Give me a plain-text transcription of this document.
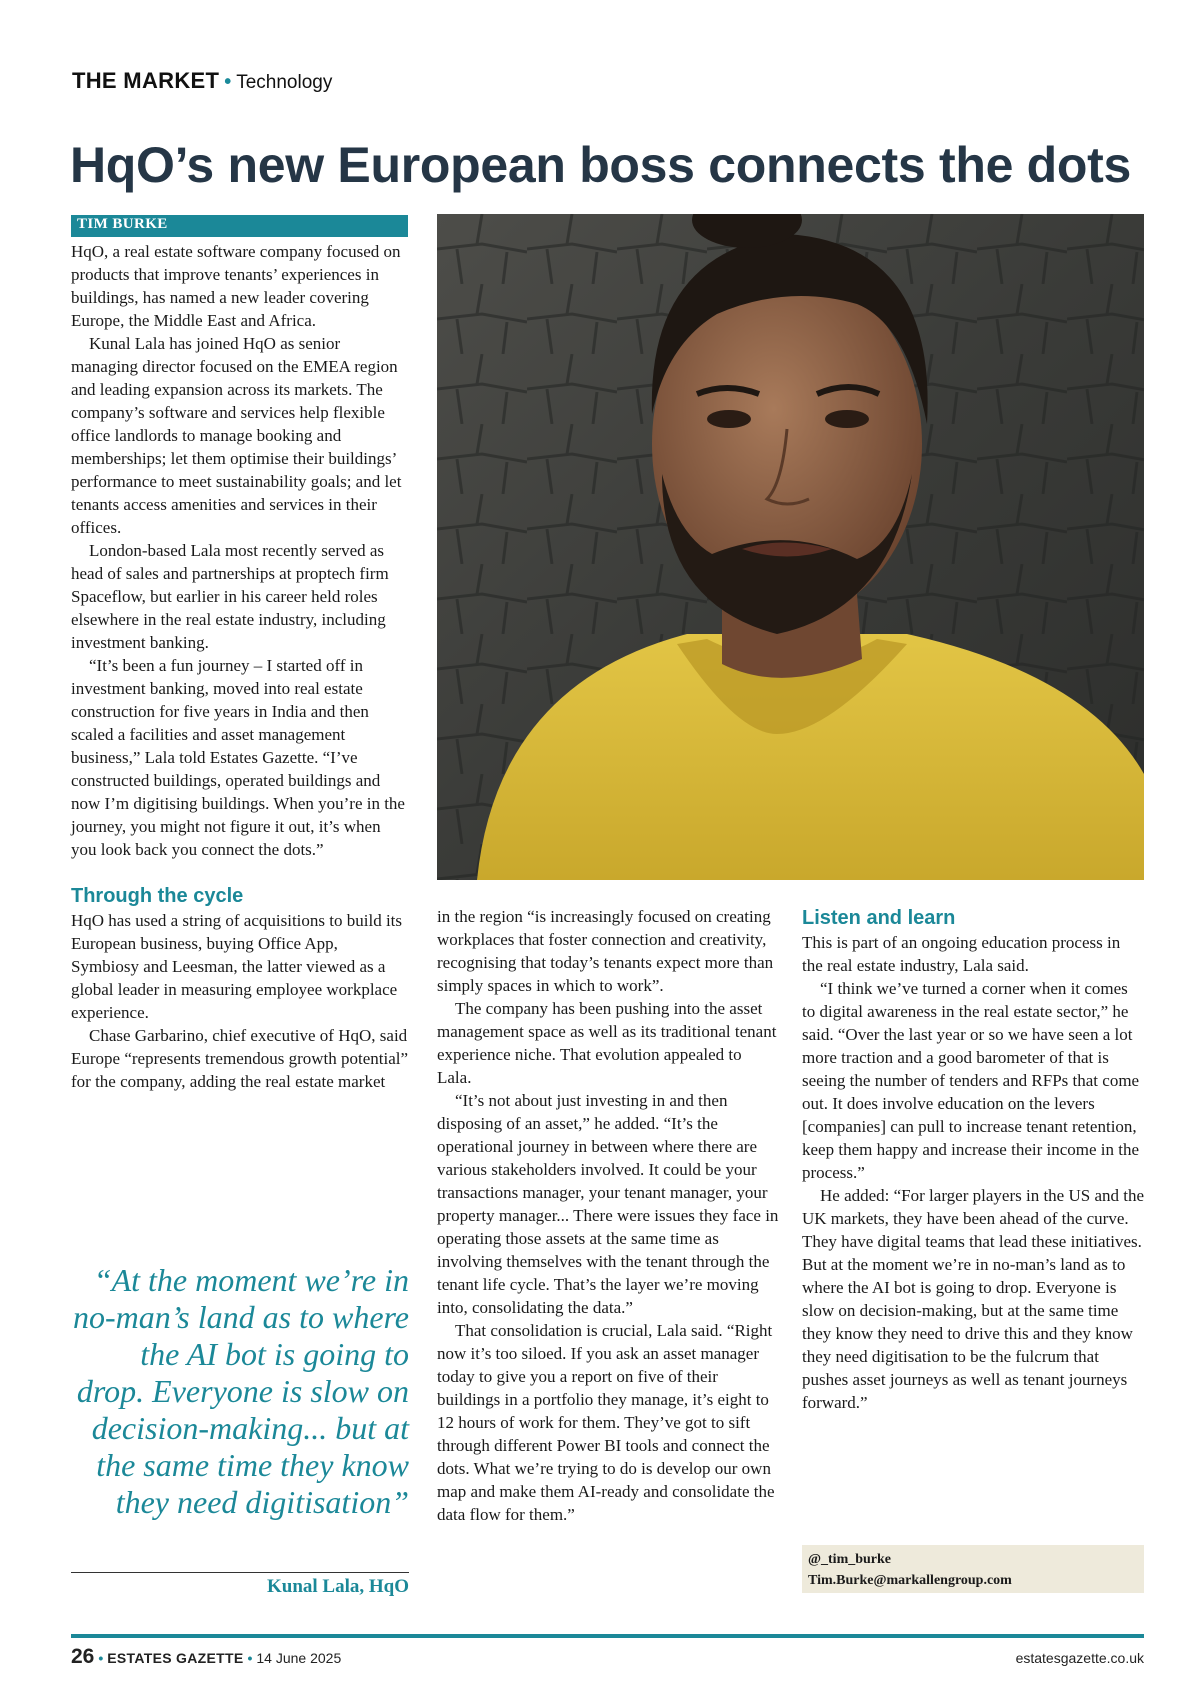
THE MARKET • Technology
HqO’s new European boss connects the dots
TIM BURKE

HqO, a real estate software company focused on products that improve tenants’ experiences in buildings, has named a new leader covering Europe, the Middle East and Africa.

Kunal Lala has joined HqO as senior managing director focused on the EMEA region and leading expansion across its markets. The company’s software and services help flexible office landlords to manage booking and memberships; let them optimise their buildings’ performance to meet sustainability goals; and let tenants access amenities and services in their offices.

London-based Lala most recently served as head of sales and partnerships at proptech firm Spaceflow, but earlier in his career held roles elsewhere in the real estate industry, including investment banking.

“It’s been a fun journey – I started off in investment banking, moved into real estate construction for five years in India and then scaled a facilities and asset management business,” Lala told Estates Gazette. “I’ve constructed buildings, operated buildings and now I’m digitising buildings. When you’re in the journey, you might not figure it out, it’s when you look back you connect the dots.”

Through the cycle

HqO has used a string of acquisitions to build its European business, buying Office App, Symbiosy and Leesman, the latter viewed as a global leader in measuring employee workplace experience.

Chase Garbarino, chief executive of HqO, said Europe “represents tremendous growth potential” for the company, adding the real estate market

in the region “is increasingly focused on creating workplaces that foster connection and creativity, recognising that today’s tenants expect more than simply spaces in which to work”.

The company has been pushing into the asset management space as well as its traditional tenant experience niche. That evolution appealed to Lala.

“It’s not about just investing in and then disposing of an asset,” he added. “It’s the operational journey in between where there are various stakeholders involved. It could be your transactions manager, your tenant manager, your property manager... There were issues they face in operating those assets at the same time as involving themselves with the tenant through the tenant life cycle. That’s the layer we’re moving into, consolidating the data.”

That consolidation is crucial, Lala said. “Right now it’s too siloed. If you ask an asset manager today to give you a report on five of their buildings in a portfolio they manage, it’s eight to 12 hours of work for them. They’ve got to sift through different Power BI tools and connect the dots. What we’re trying to do is develop our own map and make them AI-ready and consolidate the data flow for them.”

Listen and learn

This is part of an ongoing education process in the real estate industry, Lala said.

“I think we’ve turned a corner when it comes to digital awareness in the real estate sector,” he said. “Over the last year or so we have seen a lot more traction and a good barometer of that is seeing the number of tenders and RFPs that come out. It does involve education on the levers [companies] can pull to increase tenant retention, keep them happy and increase their income in the process.”

He added: “For larger players in the US and the UK markets, they have been ahead of the curve. They have digital teams that lead these initiatives. But at the moment we’re in no-man’s land as to where the AI bot is going to drop. Everyone is slow on decision-making, but at the same time they know they need to drive this and they know they need digitisation to be the fulcrum that pushes asset journeys as well as tenant journeys forward.”

“At the moment we’re in no-man’s land as to where the AI bot is going to drop. Everyone is slow on decision-making... but at the same time they know they need digitisation”
Kunal Lala, HqO
@_tim_burke
Tim.Burke@markallengroup.com
26 • ESTATES GAZETTE • 14 June 2025	estatesgazette.co.uk
